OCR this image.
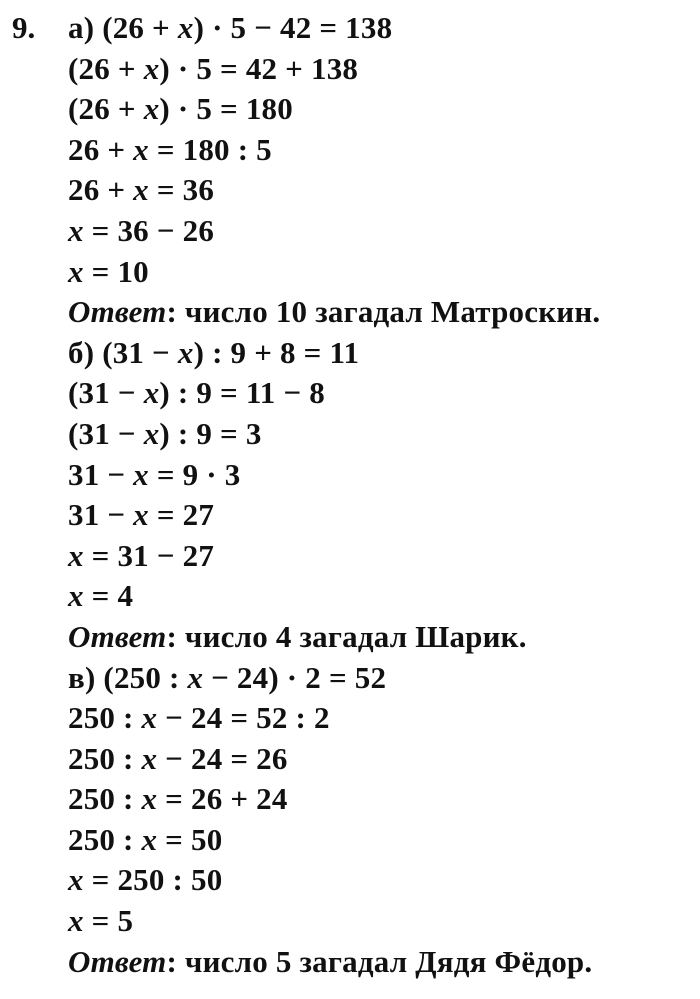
9. а) (26 + x) · 5 − 42 = 138
(26 + x) · 5 = 42 + 138
(26 + x) · 5 = 180
26 + x = 180 : 5
26 + x = 36
x = 36 − 26
x = 10
Ответ: число 10 загадал Матроскин.
б) (31 − x) : 9 + 8 = 11
(31 − x) : 9 = 11 − 8
(31 − x) : 9 = 3
31 − x = 9 · 3
31 − x = 27
x = 31 − 27
x = 4
Ответ: число 4 загадал Шарик.
в) (250 : x − 24) · 2 = 52
250 : x − 24 = 52 : 2
250 : x − 24 = 26
250 : x = 26 + 24
250 : x = 50
x = 250 : 50
x = 5
Ответ: число 5 загадал Дядя Фёдор.
